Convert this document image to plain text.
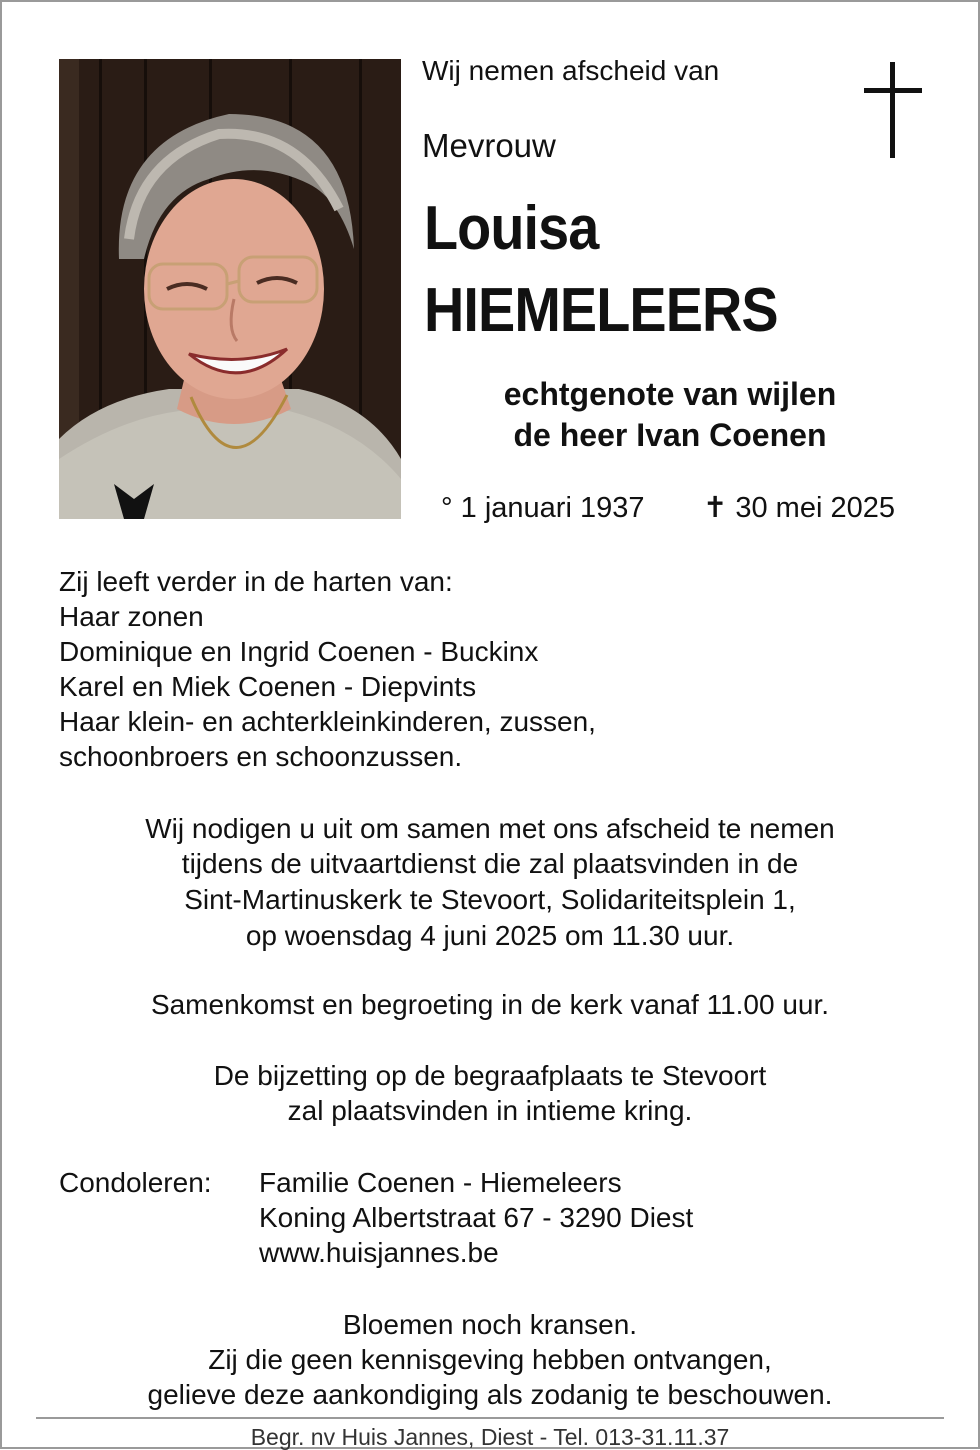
Wij nemen afscheid van
Mevrouw
Louisa
HIEMELEERS
echtgenote van wijlen
de heer Ivan Coenen
° 1 januari 1937 ✝ 30 mei 2025
Zij leeft verder in de harten van:
Haar zonen
Dominique en Ingrid Coenen - Buckinx
Karel en Miek Coenen - Diepvints
Haar klein- en achterkleinkinderen, zussen,
schoonbroers en schoonzussen.
Wij nodigen u uit om samen met ons afscheid te nemen
tijdens de uitvaartdienst die zal plaatsvinden in de
Sint-Martinuskerk te Stevoort, Solidariteitsplein 1,
op woensdag 4 juni 2025 om 11.30 uur.
Samenkomst en begroeting in de kerk vanaf 11.00 uur.
De bijzetting op de begraafplaats te Stevoort
zal plaatsvinden in intieme kring.
Condoleren: Familie Coenen - Hiemeleers
Koning Albertstraat 67 - 3290 Diest
www.huisjannes.be
Bloemen noch kransen.
Zij die geen kennisgeving hebben ontvangen,
gelieve deze aankondiging als zodanig te beschouwen.
Begr. nv Huis Jannes, Diest - Tel. 013-31.11.37
